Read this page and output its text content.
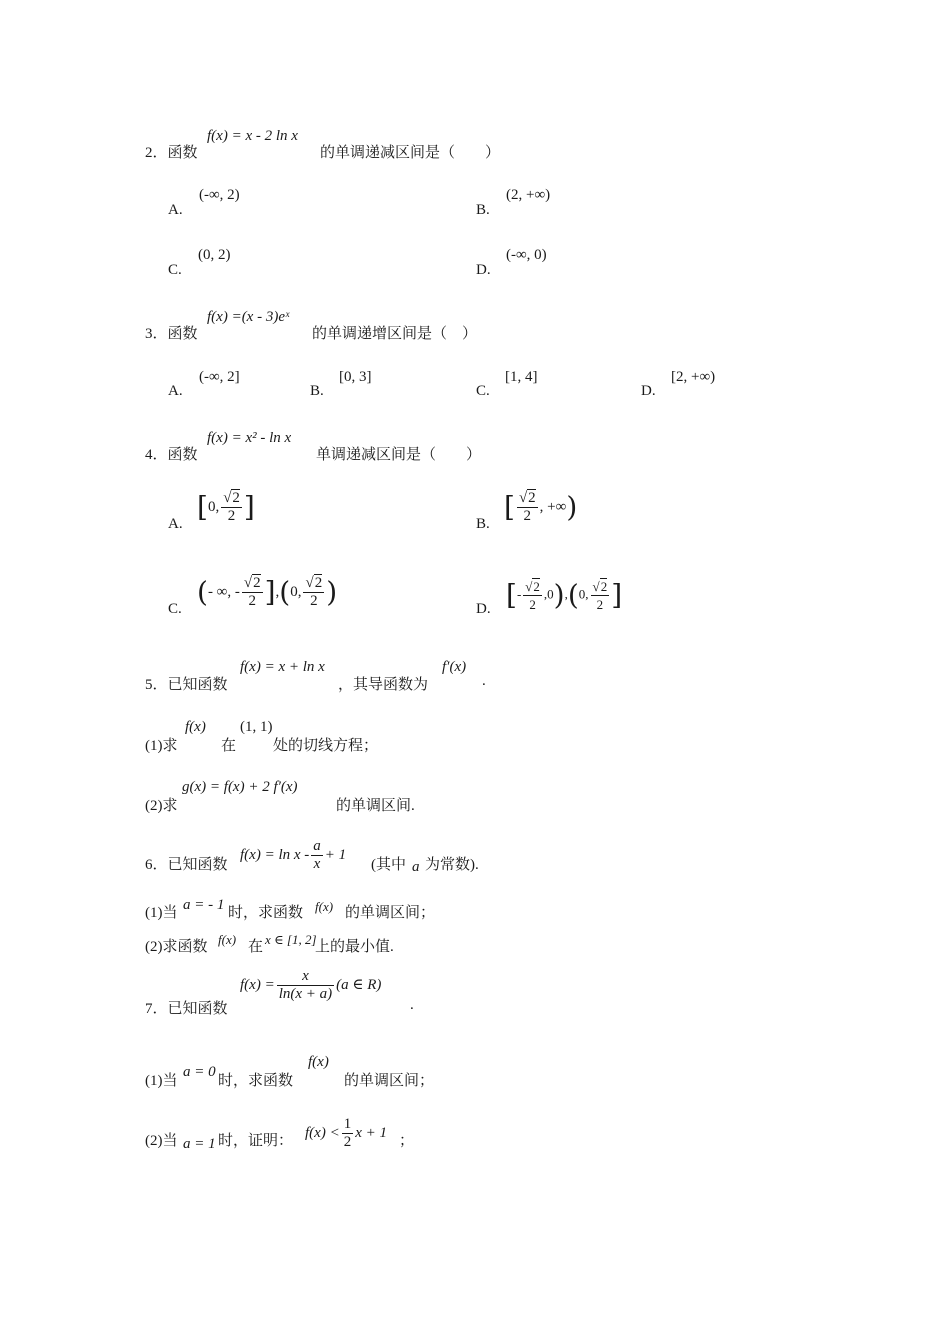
2．函数
f(x) = x - 2 ln x
的单调递减区间是（　　）
A.
(-∞, 2)
B.
(2, +∞)
C.
(0, 2)
D.
(-∞, 0)
3．函数
f(x) =(x - 3)eˣ
的单调递增区间是（　）
A.
(-∞, 2]
B.
[0, 3]
C.
[1, 4]
D.
[2, +∞)
4．函数
f(x) = x² - ln x
单调递减区间是（　　）
A.
[0, $\frac{√2}{2}$ ]
B.
[ $\frac{√2}{2}$ , +∞)
C.
(- ∞, - $\frac{√2}{2} ],(0$, $\frac{√2}{2}$ )
D. [- $\frac{√2}{2} ,0),(0$, $\frac{√2}{2}$ ]
5．已知函数
f(x) = x + ln x
，其导函数为
f′(x)
.
(1)求
f(x)
在
(1, 1)
处的切线方程；
(2)求
g(x) = f(x) + 2 f′(x)
的单调区间.
6．已知函数
$f(x) = \ln x - \frac{a}{x} + 1$
(其中 a 为常数).
(1)当 a = - 1 时，求函数 f(x) 的单调区间；
(2)求函数 f(x) 在 x ∈ [1, 2]
上的最小值.
7．已知函数
$f(x) = \frac{x}{\ln(x + a)} (a$ ∈ R)
.
(1)当
a = 0
时，求函数
f(x)
的单调区间；
(2)当 a = 1 时，证明：
$f(x) < \frac{1}{2}$ x + 1
；
